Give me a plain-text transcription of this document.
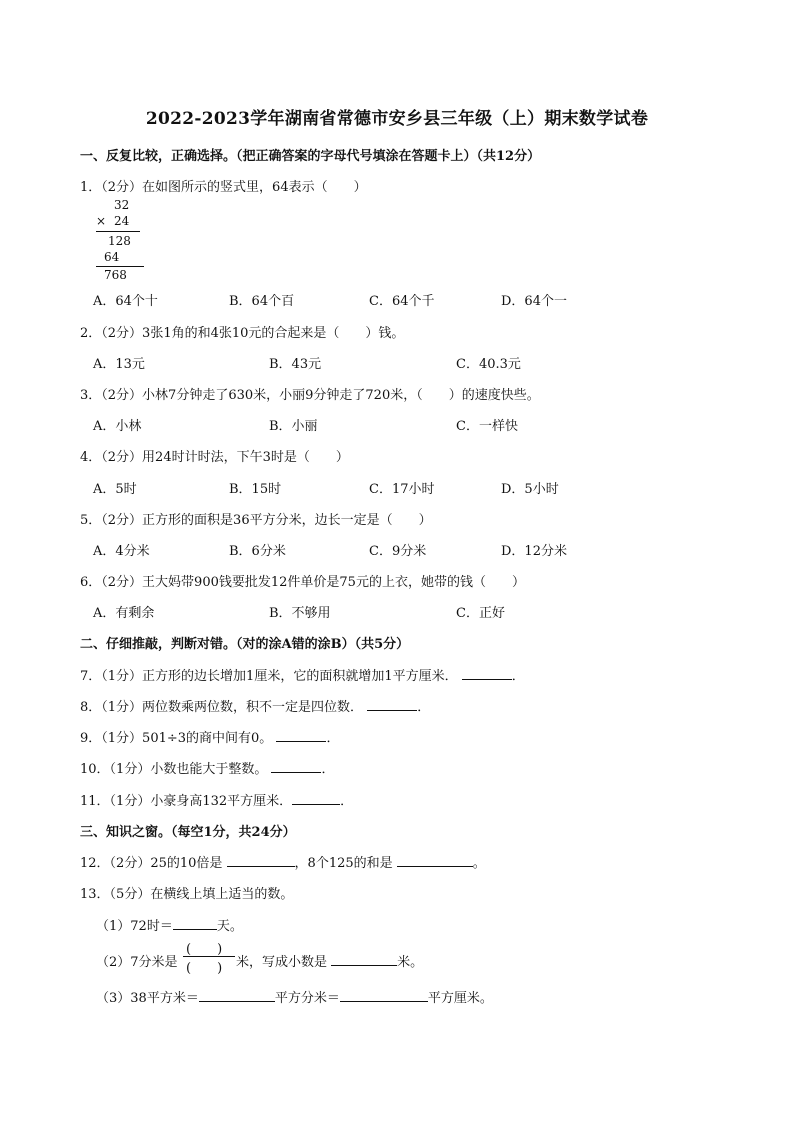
2022-2023学年湖南省常德市安乡县三年级（上）期末数学试卷
一、反复比较，正确选择。（把正确答案的字母代号填涂在答题卡上）（共12分）
1．（2分）在如图所示的竖式里，64表示（　　）
32
× 24
128
64
768
A．64个十	B．64个百	C．64个千	D．64个一
2．（2分）3张1角的和4张10元的合起来是（　　）钱。
A．13元	B．43元	C．40.3元
3．（2分）小林7分钟走了630米，小丽9分钟走了720米，（　　）的速度快些。
A．小林	B．小丽	C．一样快
4．（2分）用24时计时法，下午3时是（　　）
A．5时	B．15时	C．17小时	D．5小时
5．（2分）正方形的面积是36平方分米，边长一定是（　　）
A．4分米	B．6分米	C．9分米	D．12分米
6．（2分）王大妈带900钱要批发12件单价是75元的上衣，她带的钱（　　）
A．有剩余	B．不够用	C．正好
二、仔细推敲，判断对错。（对的涂A错的涂B）（共5分）
7．（1分）正方形的边长增加1厘米，它的面积就增加1平方厘米．	．
8．（1分）两位数乘两位数，积不一定是四位数．	．
9．（1分）501÷3的商中间有0。	．
10．（1分）小数也能大于整数。	．
11．（1分）小豪身高132平方厘米．	．
三、知识之窗。（每空1分，共24分）
12．（2分）25的10倍是	，8个125的和是	。
13．（5分）在横线上填上适当的数。
（1）72时＝	天。
（2）7分米是
(　　)
(　　) 米，写成小数是	米。
（3）38平方米＝	平方分米＝	平方厘米。
